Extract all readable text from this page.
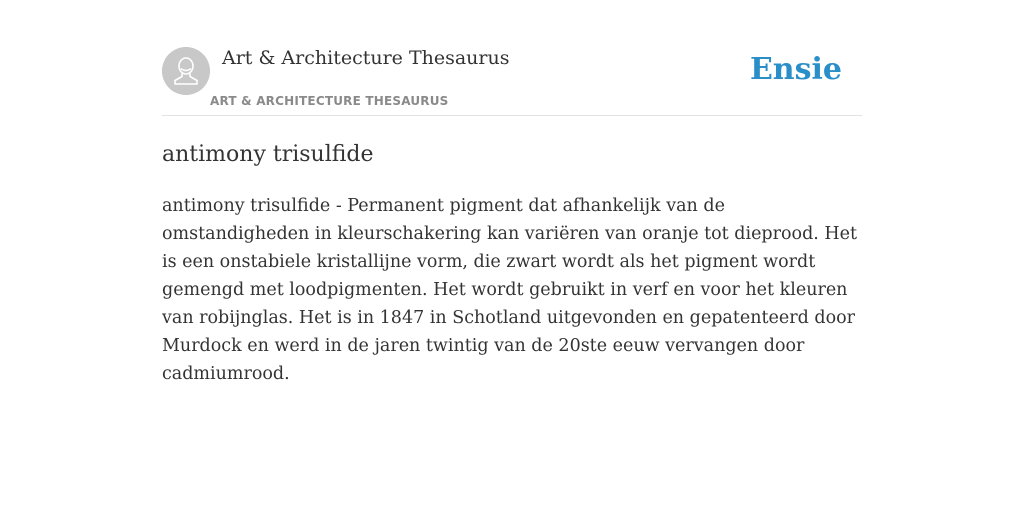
Art & Architecture Thesaurus
ART & ARCHITECTURE THESAURUS
Ensie
antimony trisulfide

antimony trisulfide - Permanent pigment dat afhankelijk van de omstandigheden in kleurschakering kan variëren van oranje tot dieprood. Het is een onstabiele kristallijne vorm, die zwart wordt als het pigment wordt gemengd met loodpigmenten. Het wordt gebruikt in verf en voor het kleuren van robijnglas. Het is in 1847 in Schotland uitgevonden en gepatenteerd door Murdock en werd in de jaren twintig van de 20ste eeuw vervangen door cadmiumrood.
